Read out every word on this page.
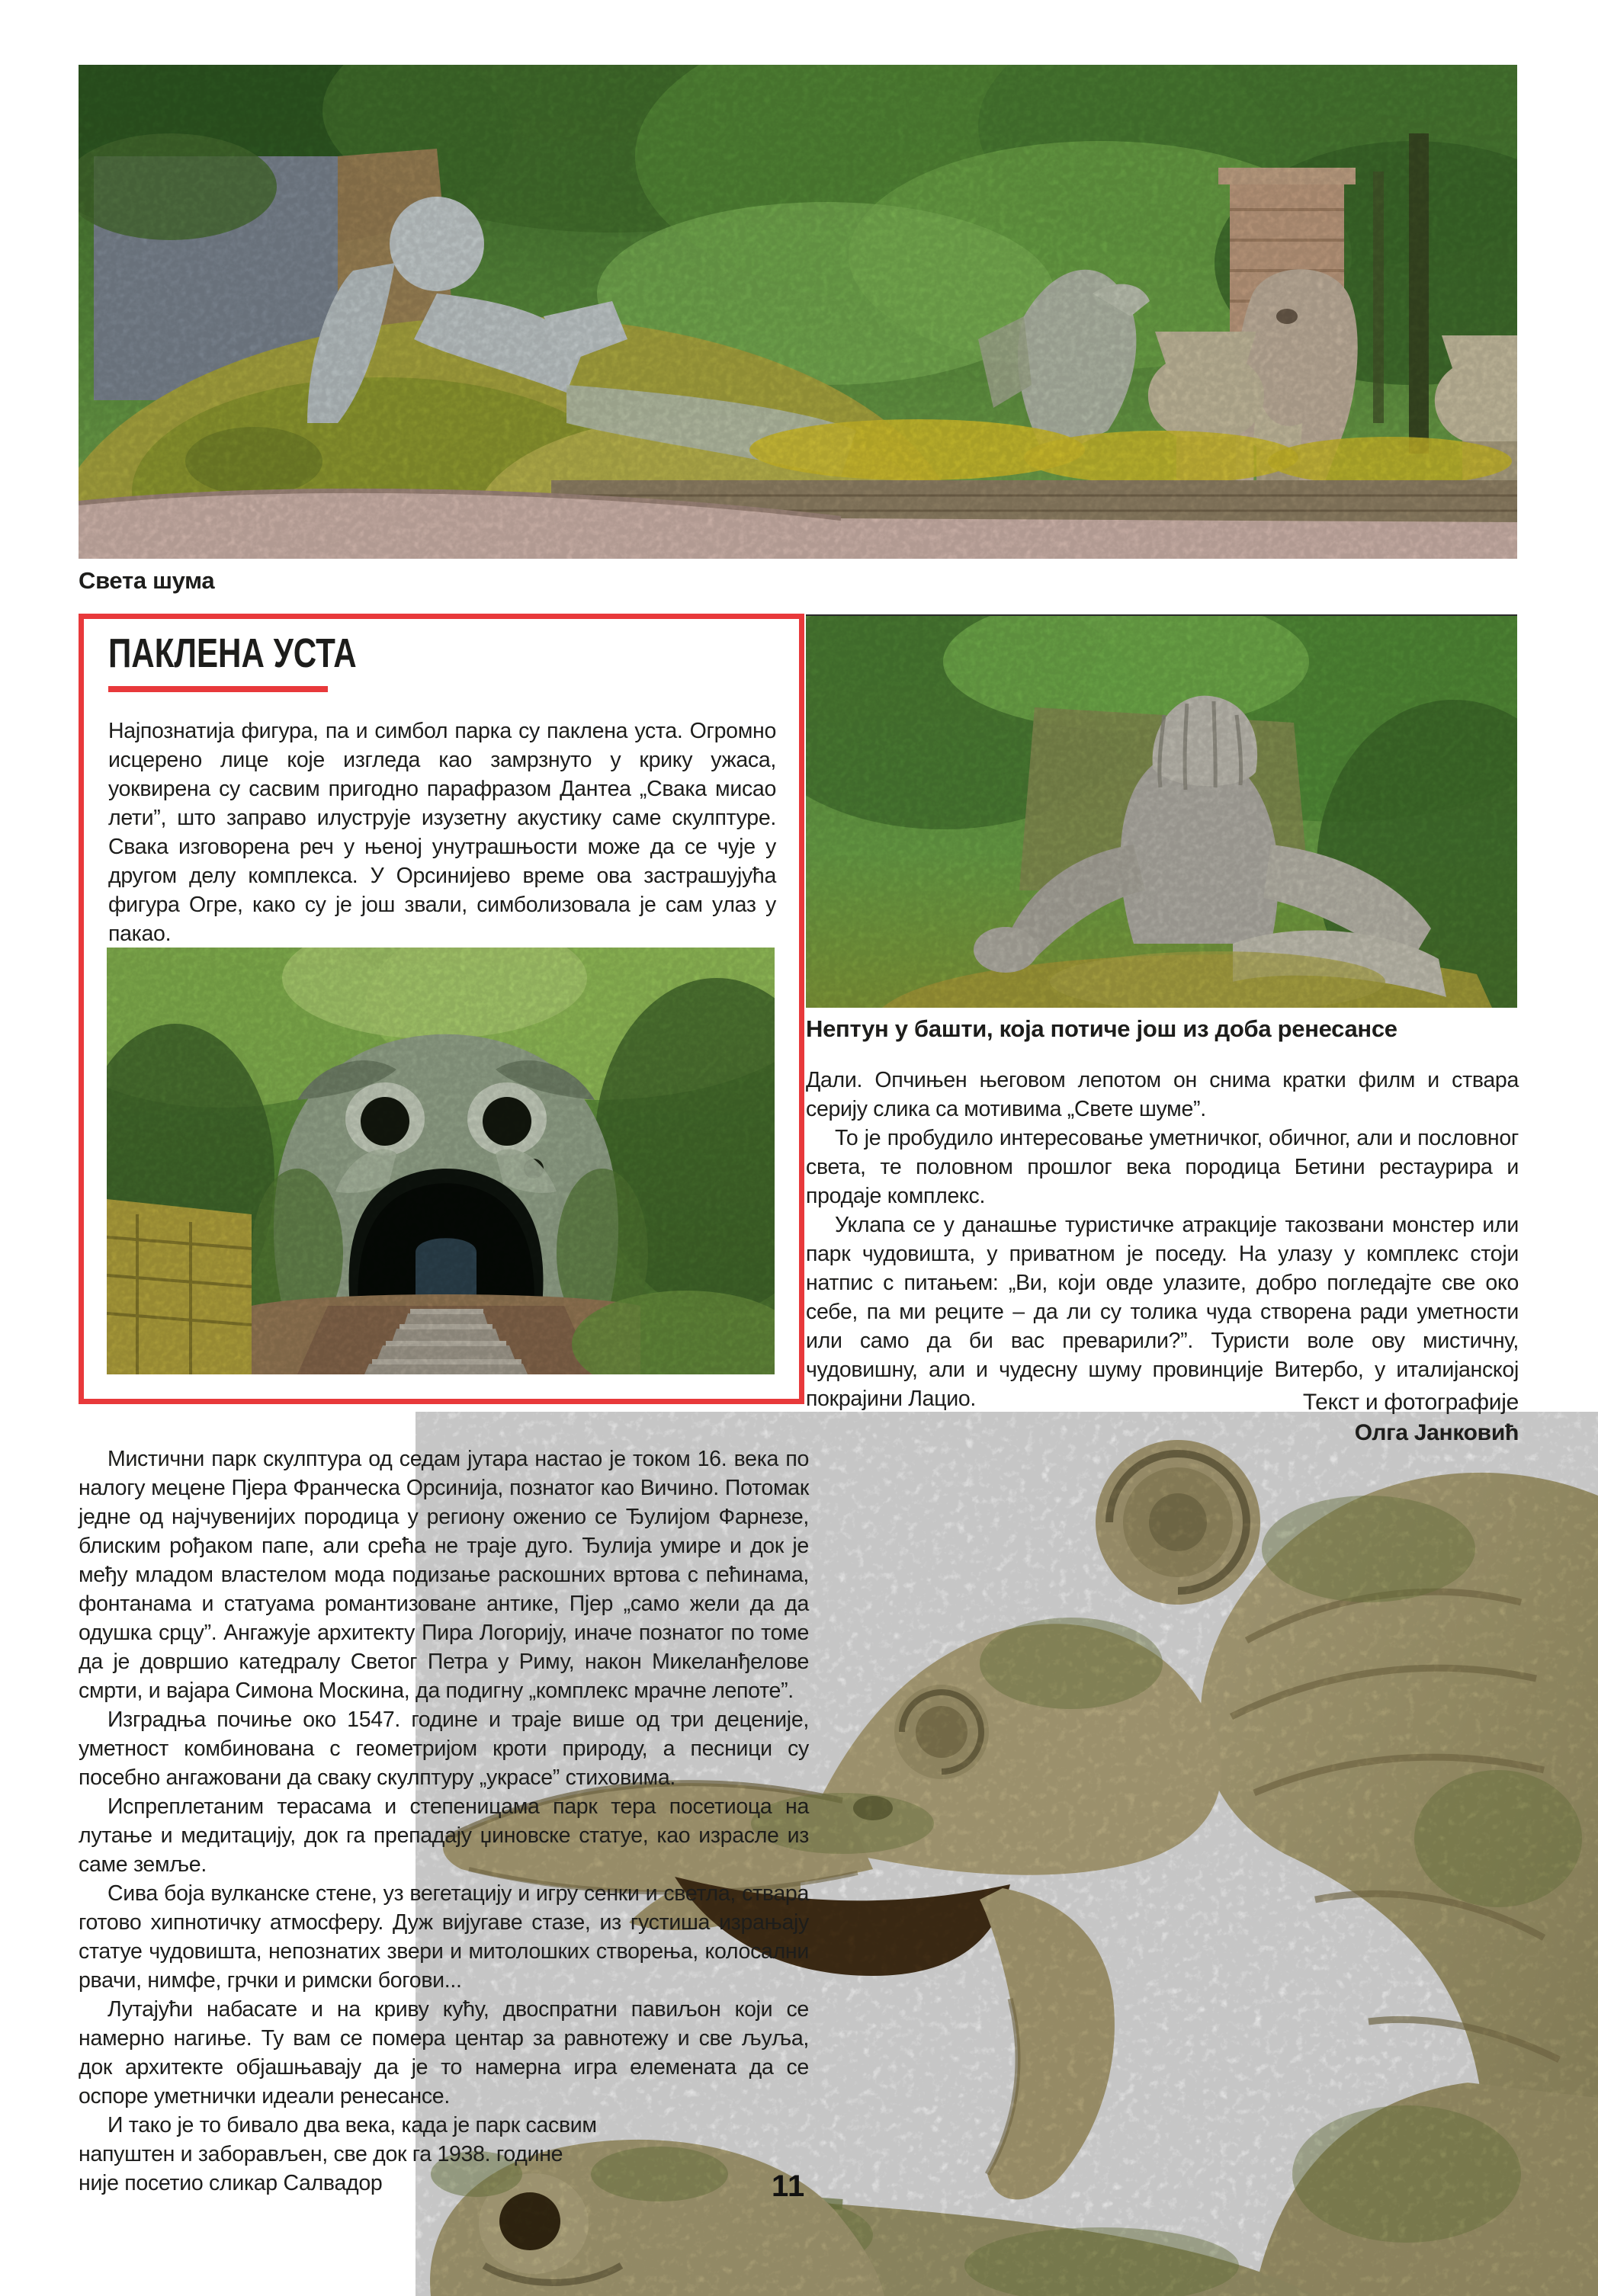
Света шума
ПАКЛЕНА УСТА
Најпознатија фигура, па и симбол парка су паклена уста. Огромно исцерено лице које изгледа као замрзнуто у крику ужаса, уоквирена су сасвим пригодно парафразом Дантеа „Свака мисао лети”, што заправо илуструје изузетну акустику саме скулптуре. Свака изговорена реч у њеној унутрашњости може да се чује у другом делу комплекса. У Орсинијево време ова застрашујућа фигура Огре, како су је још звали, симболизовала је сам улаз у пакао.
Нептун у башти, која потиче још из доба ренесансе

Дали. Опчињен његовом лепотом он снима кратки филм и ствара серију слика са мотивима „Свете шуме”.

То је пробудило интересовање уметничког, обичног, али и пословног света, те половном прошлог века породица Бетини рестаурира и продаје комплекс.

Уклапа се у данашње туристичке атракције такозвани монстер или парк чудовишта, у приватном је поседу. На улазу у комплекс стоји натпис с питањем: „Ви, који овде улазите, добро погледајте све око себе, па ми реците – да ли су толика чуда створена ради уметности или само да би вас преварили?”. Туристи воле ову мистичну, чудовишну, али и чудесну шуму провинције Витербо, у италијанској покрајини Лацио.	Текст и фотографије
Олга Јанковић

Мистични парк скулптура од седам јутара настао је током 16. века по налогу мецене Пјера Франческа Орсинија, познатог као Вичино. Потомак једне од најчувенијих породица у региону оженио се Ђулијом Фарнезе, блиским рођаком папе, али срећа не траје дуго. Ђулија умире и док је међу младом властелом мода подизање раскошних вртова с пећинама, фонтанама и статуама романтизоване антике, Пјер „само жели да да одушка срцу”. Ангажује архитекту Пира Логорију, иначе познатог по томе да је довршио катедралу Светог Петра у Риму, након Микеланђелове смрти, и вајара Симона Москина, да подигну „комплекс мрачне лепоте”.

Изградња почиње око 1547. године и траје више од три деценије, уметност комбинована с геометријом кроти природу, а песници су посебно ангажовани да сваку скулптуру „украсе” стиховима.

Испреплетаним терасама и степеницама парк тера посетиоца на лутање и медитацију, док га препадају џиновске статуе, као израсле из саме земље.

Сива боја вулканске стене, уз вегетацију и игру сенки и светла, ствара готово хипнотичку атмосферу. Дуж вијугаве стазе, из густиша израњају статуе чудовишта, непознатих звери и митолошких створења, колосални рвачи, нимфе, грчки и римски богови...

Лутајући набасате и на криву кућу, двоспратни павиљон који се намерно нагиње. Ту вам се помера центар за равнотежу и све љуља, док архитекте објашњавају да је то намерна игра елемената да се оспоре уметнички идеали ренесансе.

И тако је то бивало два века, када је парк сасвим напуштен и заборављен, све док га 1938. године није посетио сликар Салвадор	11
